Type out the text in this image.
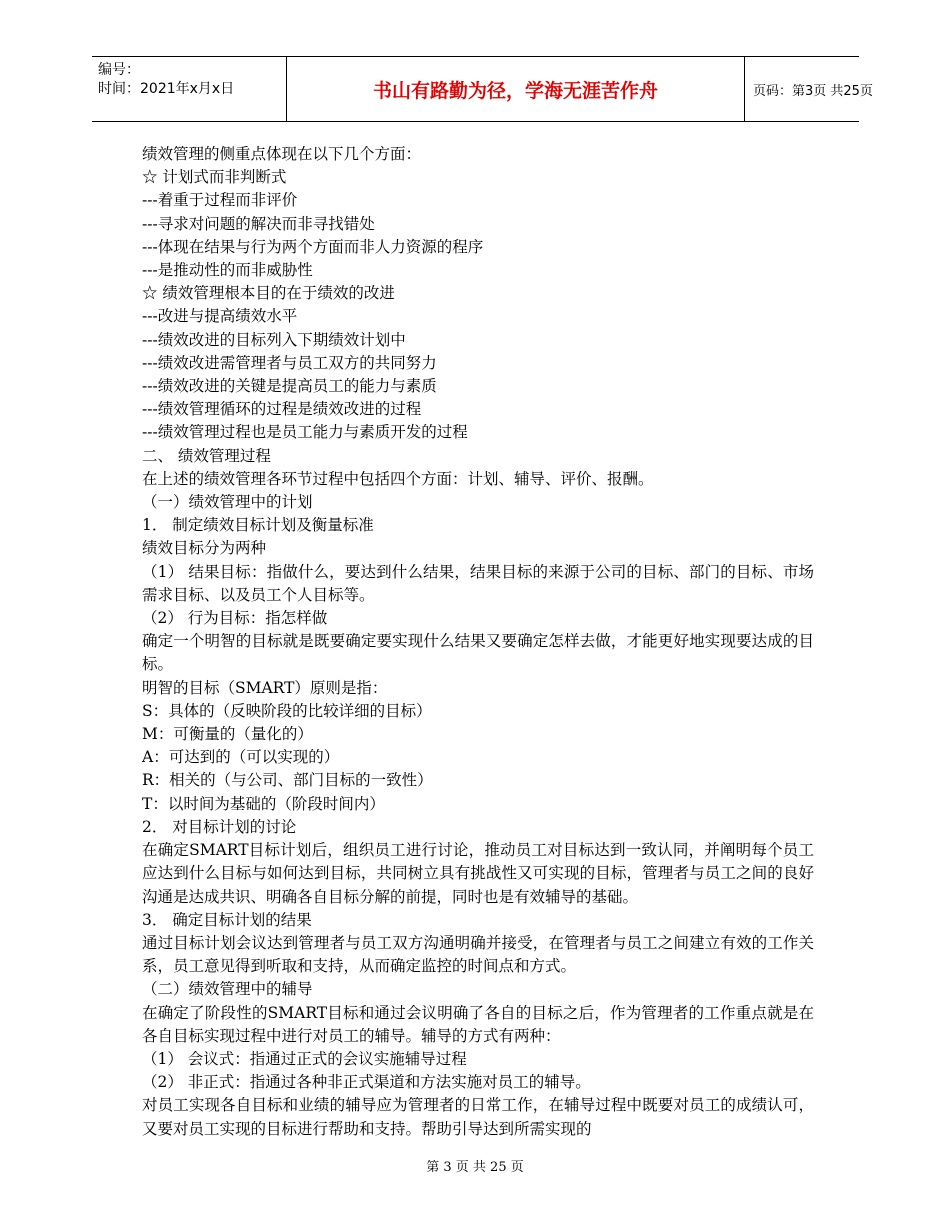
编号：
时间：2021年x月x日	书山有路勤为径，学海无涯苦作舟	页码：第3页 共25页

绩效管理的侧重点体现在以下几个方面：

☆ 计划式而非判断式

---着重于过程而非评价

---寻求对问题的解决而非寻找错处

---体现在结果与行为两个方面而非人力资源的程序

---是推动性的而非威胁性

☆ 绩效管理根本目的在于绩效的改进

---改进与提高绩效水平

---绩效改进的目标列入下期绩效计划中

---绩效改进需管理者与员工双方的共同努力

---绩效改进的关键是提高员工的能力与素质

---绩效管理循环的过程是绩效改进的过程

---绩效管理过程也是员工能力与素质开发的过程

二、 绩效管理过程

在上述的绩效管理各环节过程中包括四个方面：计划、辅导、评价、报酬。

（一）绩效管理中的计划

1． 制定绩效目标计划及衡量标准

绩效目标分为两种

（1） 结果目标：指做什么，要达到什么结果，结果目标的来源于公司的目标、部门的目标、市场需求目标、以及员工个人目标等。

（2） 行为目标：指怎样做

确定一个明智的目标就是既要确定要实现什么结果又要确定怎样去做，才能更好地实现要达成的目标。

明智的目标（SMART）原则是指：

S：具体的（反映阶段的比较详细的目标）

M：可衡量的（量化的）

A：可达到的（可以实现的）

R：相关的（与公司、部门目标的一致性）

T：以时间为基础的（阶段时间内）

2． 对目标计划的讨论

在确定SMART目标计划后，组织员工进行讨论，推动员工对目标达到一致认同，并阐明每个员工应达到什么目标与如何达到目标，共同树立具有挑战性又可实现的目标，管理者与员工之间的良好沟通是达成共识、明确各自目标分解的前提，同时也是有效辅导的基础。

3． 确定目标计划的结果

通过目标计划会议达到管理者与员工双方沟通明确并接受，在管理者与员工之间建立有效的工作关系，员工意见得到听取和支持，从而确定监控的时间点和方式。

（二）绩效管理中的辅导

在确定了阶段性的SMART目标和通过会议明确了各自的目标之后，作为管理者的工作重点就是在各自目标实现过程中进行对员工的辅导。辅导的方式有两种：

（1） 会议式：指通过正式的会议实施辅导过程

（2） 非正式：指通过各种非正式渠道和方法实施对员工的辅导。

对员工实现各自目标和业绩的辅导应为管理者的日常工作，在辅导过程中既要对员工的成绩认可，又要对员工实现的目标进行帮助和支持。帮助引导达到所需实现的

第 3 页 共 25 页
